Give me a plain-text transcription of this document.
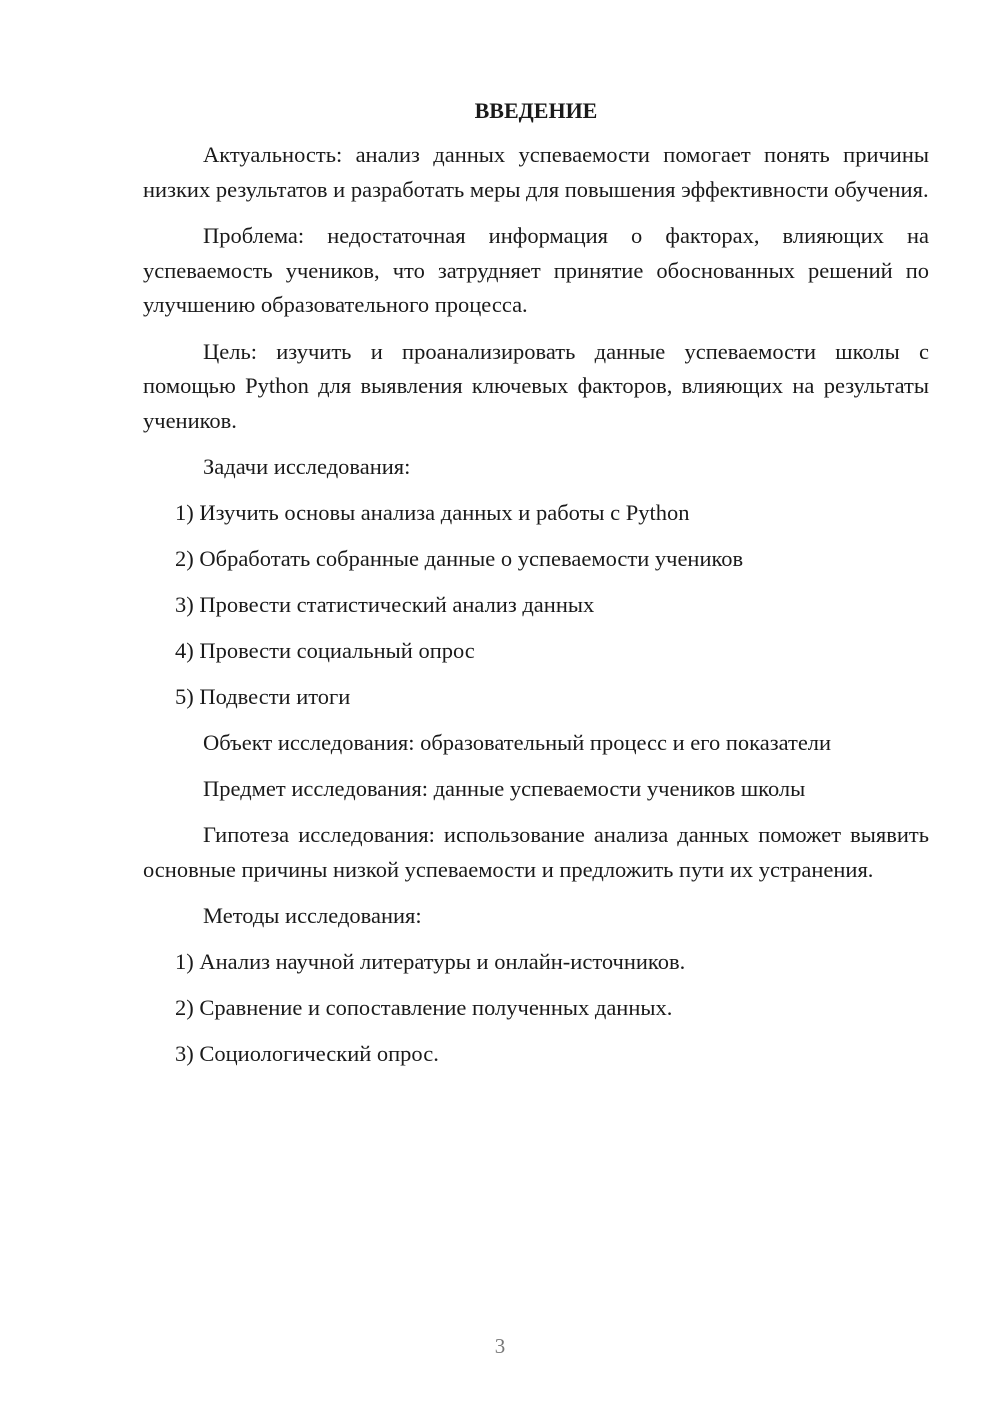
ВВЕДЕНИЕ

Актуальность: анализ данных успеваемости помогает понять причины низких результатов и разработать меры для повышения эффективности обучения.

Проблема: недостаточная информация о факторах, влияющих на успеваемость учеников, что затрудняет принятие обоснованных решений по улучшению образовательного процесса.

Цель: изучить и проанализировать данные успеваемости школы с помощью Python для выявления ключевых факторов, влияющих на результаты учеников.

Задачи исследования:
1) Изучить основы анализа данных и работы с Python
2) Обработать собранные данные о успеваемости учеников
3) Провести статистический анализ данных
4) Провести социальный опрос
5) Подвести итоги
Объект исследования: образовательный процесс и его показатели
Предмет исследования: данные успеваемости учеников школы

Гипотеза исследования: использование анализа данных поможет выявить основные причины низкой успеваемости и предложить пути их устранения.

Методы исследования:
1) Анализ научной литературы и онлайн-источников.
2) Сравнение и сопоставление полученных данных.
3) Социологический опрос.
3
